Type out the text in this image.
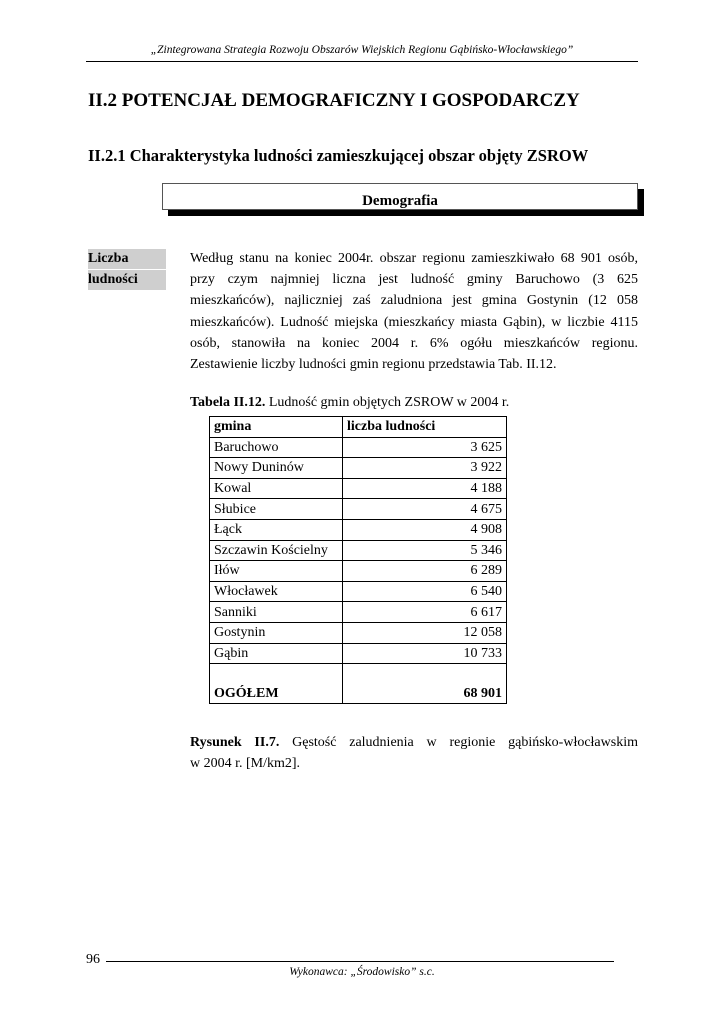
„Zintegrowana Strategia Rozwoju Obszarów Wiejskich Regionu Gąbińsko-Włocławskiego”
II.2 POTENCJAŁ DEMOGRAFICZNY I GOSPODARCZY
II.2.1 Charakterystyka ludności zamieszkującej obszar objęty ZSROW
Demografia
Liczba
ludności
Według stanu na koniec 2004r. obszar regionu zamieszkiwało 68 901 osób,
przy czym najmniej liczna jest ludność gminy Baruchowo (3 625
mieszkańców), najliczniej zaś zaludniona jest gmina Gostynin (12 058
mieszkańców). Ludność miejska (mieszkańcy miasta Gąbin), w liczbie 4115
osób, stanowiła na koniec 2004 r. 6% ogółu mieszkańców regionu.
Zestawienie liczby ludności gmin regionu przedstawia Tab. II.12.
Tabela II.12. Ludność gmin objętych ZSROW w 2004 r.
gmina	liczba ludności
Baruchowo	3 625
Nowy Duninów	3 922
Kowal	4 188
Słubice	4 675
Łąck	4 908
Szczawin Kościelny	5 346
Iłów	6 289
Włocławek	6 540
Sanniki	6 617
Gostynin	12 058
Gąbin	10 733
OGÓŁEM	68 901
Rysunek II.7. Gęstość zaludnienia w regionie gąbińsko-włocławskim
w 2004 r. [M/km2].
96
Wykonawca: „Środowisko” s.c.
